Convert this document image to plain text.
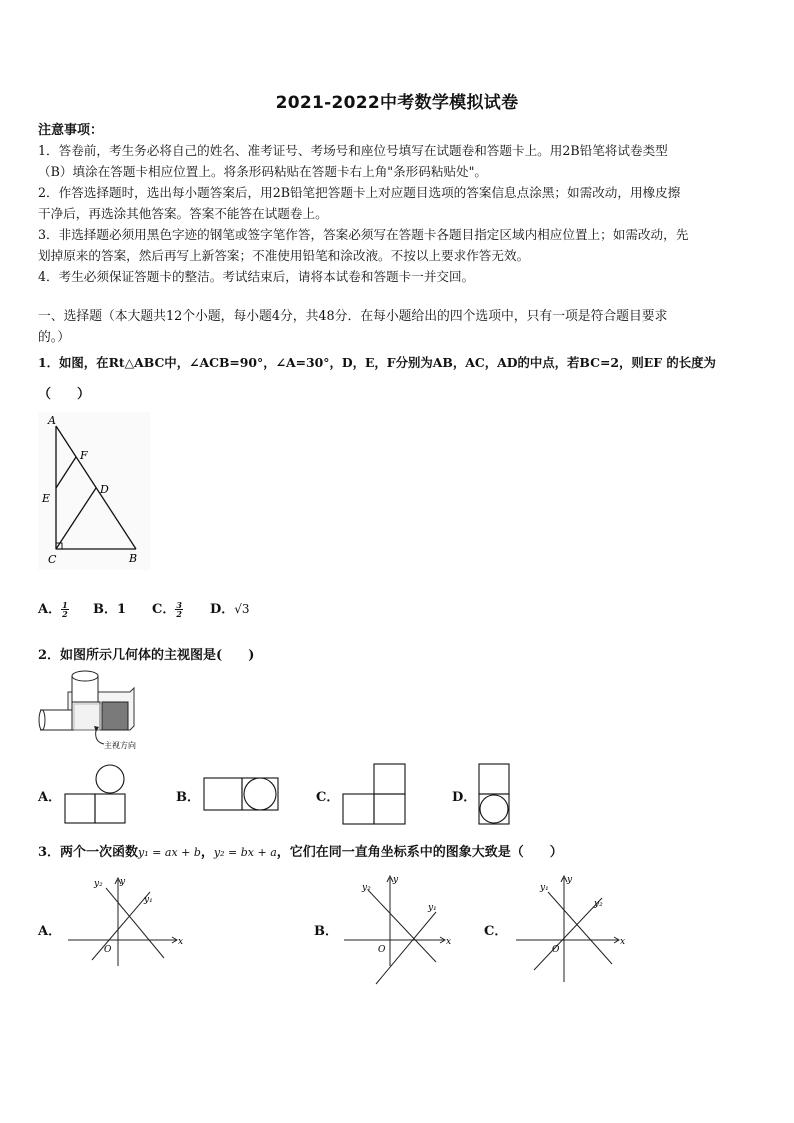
2021-2022中考数学模拟试卷
注意事项：
1．答卷前，考生务必将自己的姓名、准考证号、考场号和座位号填写在试题卷和答题卡上。用2B铅笔将试卷类型
（B）填涂在答题卡相应位置上。将条形码粘贴在答题卡右上角"条形码粘贴处"。
2．作答选择题时，选出每小题答案后，用2B铅笔把答题卡上对应题目选项的答案信息点涂黑；如需改动，用橡皮擦
干净后，再选涂其他答案。答案不能答在试题卷上。
3．非选择题必须用黑色字迹的钢笔或签字笔作答，答案必须写在答题卡各题目指定区域内相应位置上；如需改动，先
划掉原来的答案，然后再写上新答案；不准使用铅笔和涂改液。不按以上要求作答无效。
4．考生必须保证答题卡的整洁。考试结束后，请将本试卷和答题卡一并交回。
一、选择题（本大题共12个小题，每小题4分，共48分．在每小题给出的四个选项中，只有一项是符合题目要求
的。）
1．如图，在Rt△ABC中，∠ACB=90°，∠A=30°，D，E，F分别为AB，AC，AD的中点，若BC=2，则EF 的长度为
（　　）
A
F
D
E
C	B
A． $\frac{1}{2}$ B．1 C． $\frac{3}{2}$ D．√3
2．如图所示几何体的主视图是(　　)
主视方向
A．	B．	C．	D．
3．两个一次函数y₁ = ax + b，y₂ = bx + a，它们在同一直角坐标系中的图象大致是（　　）
A．
x
y
O
y₂
y₁
B．
x
y
O
y₂
y₁
C．
x
y
O
y₁
y₂
